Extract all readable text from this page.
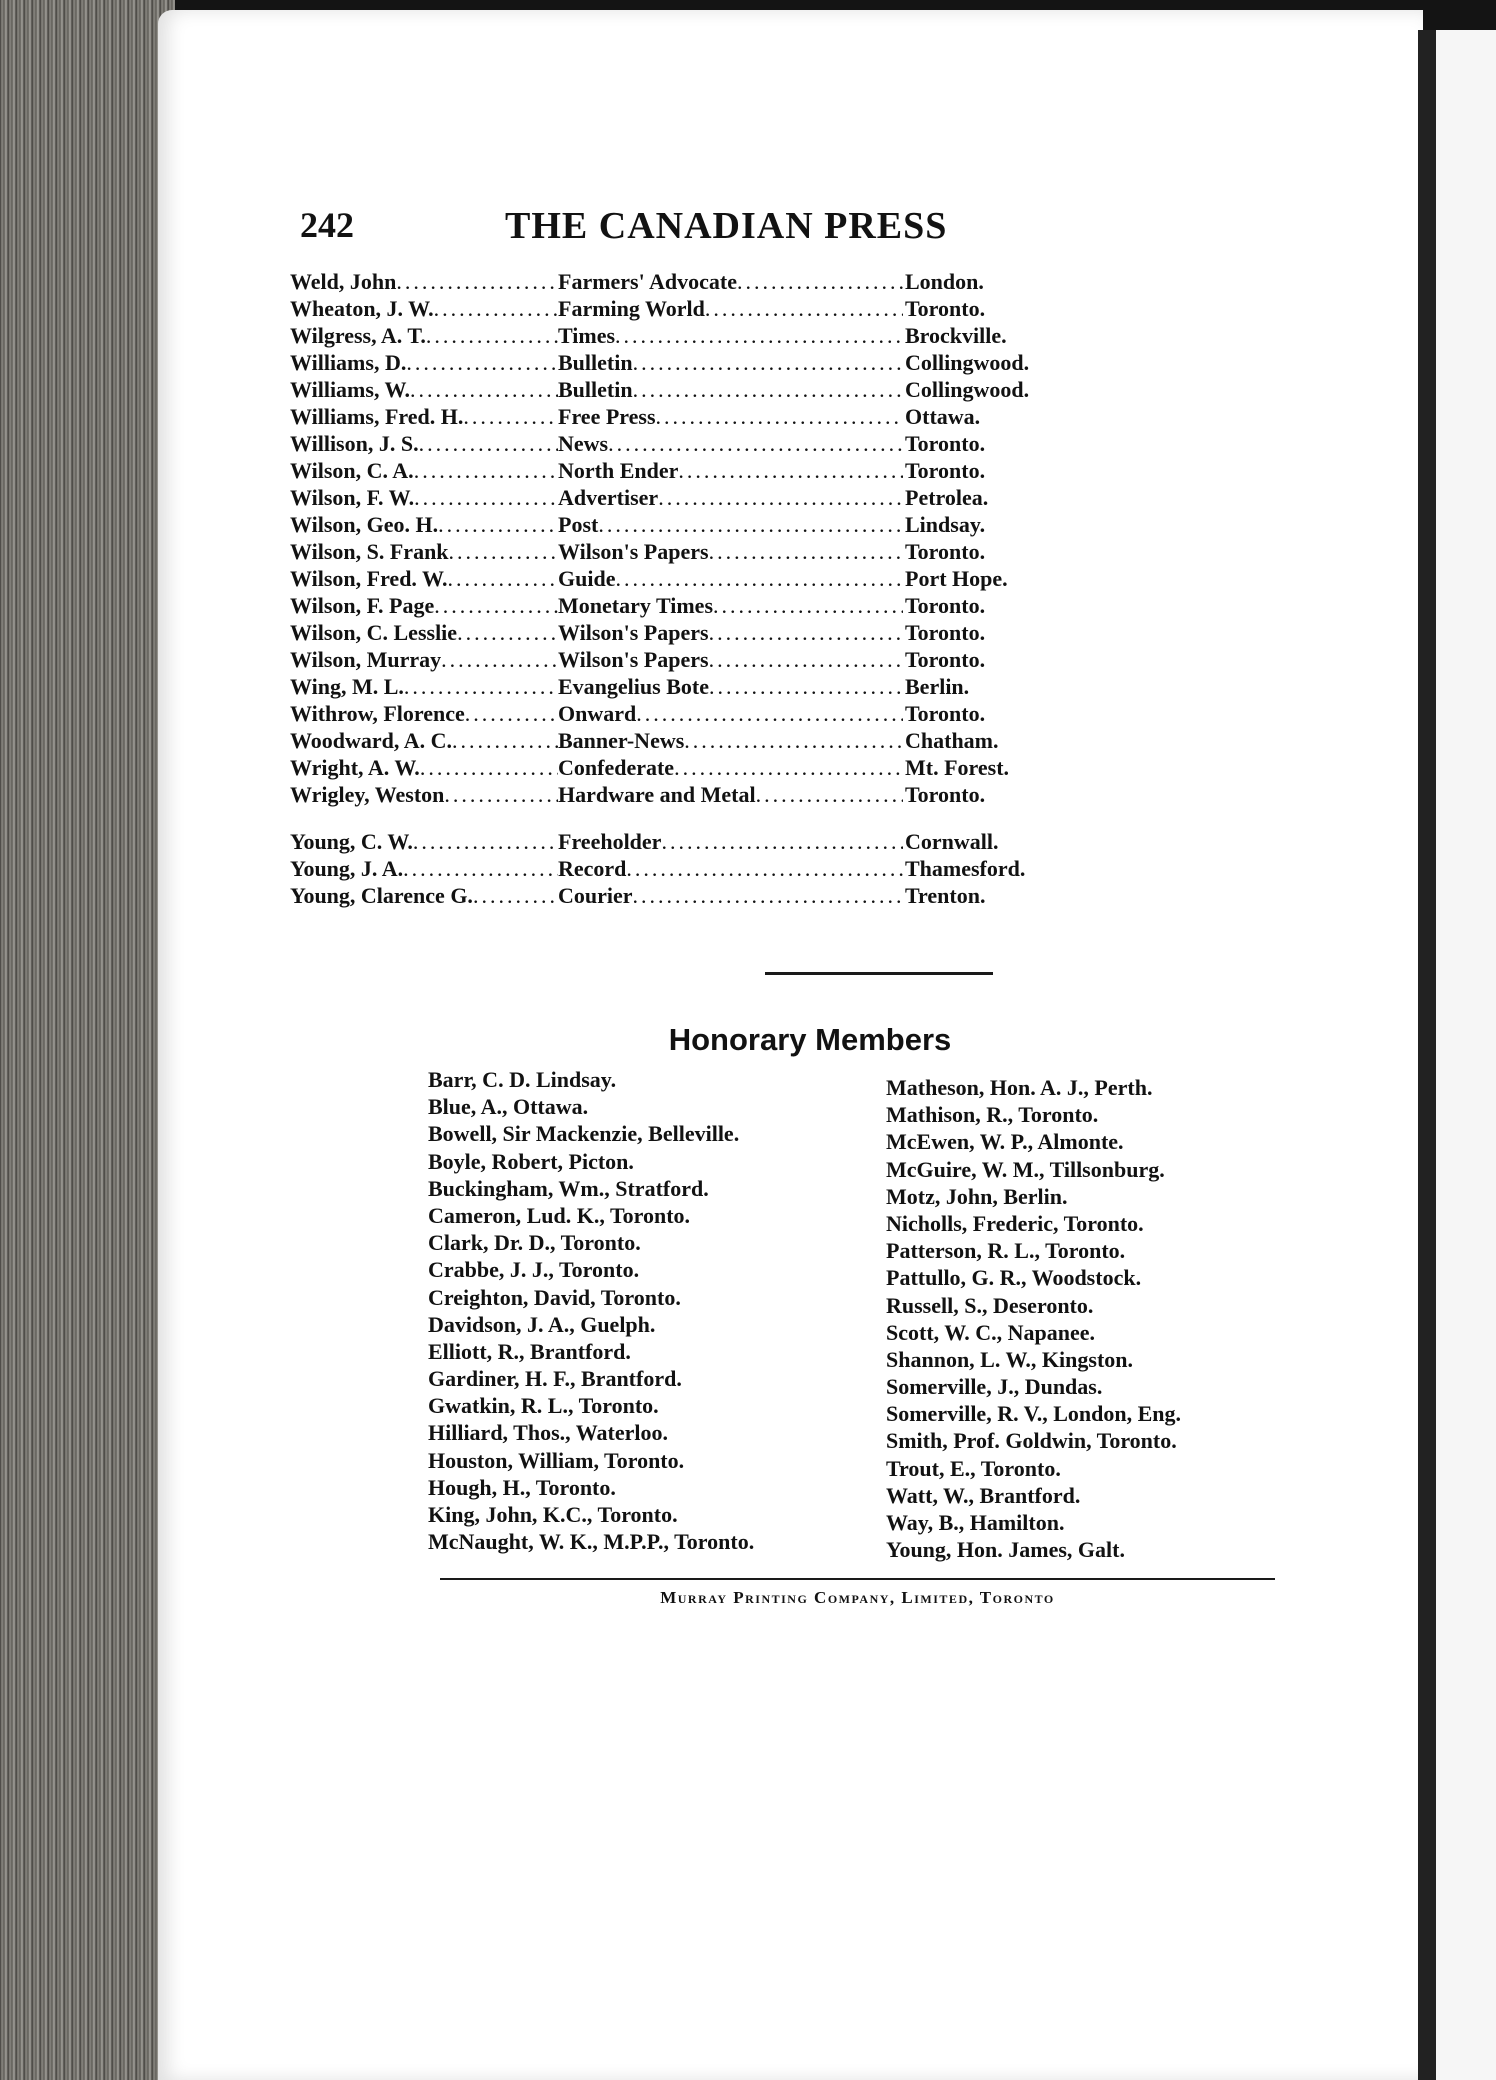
242	THE CANADIAN PRESS
Weld, John .....	Farmers' Advocate .....	London.
Wheaton, J. W. .....	Farming World .....	Toronto.
Wilgress, A. T. .....	Times .....	Brockville.
Williams, D. .....	Bulletin .....	Collingwood.
Williams, W. .....	Bulletin .....	Collingwood.
Williams, Fred. H. .....	Free Press .....	Ottawa.
Willison, J. S. .....	News .....	Toronto.
Wilson, C. A. .....	North Ender .....	Toronto.
Wilson, F. W. .....	Advertiser .....	Petrolea.
Wilson, Geo. H. .....	Post .....	Lindsay.
Wilson, S. Frank .....	Wilson's Papers .....	Toronto.
Wilson, Fred. W. .....	Guide .....	Port Hope.
Wilson, F. Page .....	Monetary Times .....	Toronto.
Wilson, C. Lesslie .....	Wilson's Papers .....	Toronto.
Wilson, Murray .....	Wilson's Papers .....	Toronto.
Wing, M. L. .....	Evangelius Bote .....	Berlin.
Withrow, Florence .....	Onward .....	Toronto.
Woodward, A. C. .....	Banner-News .....	Chatham.
Wright, A. W. .....	Confederate .....	Mt. Forest.
Wrigley, Weston .....	Hardware and Metal .....	Toronto.
Young, C. W. .....	Freeholder .....	Cornwall.
Young, J. A. .....	Record .....	Thamesford.
Young, Clarence G. .....	Courier .....	Trenton.
Honorary Members
Barr, C. D. Lindsay.
Blue, A., Ottawa.
Bowell, Sir Mackenzie, Belleville.
Boyle, Robert, Picton.
Buckingham, Wm., Stratford.
Cameron, Lud. K., Toronto.
Clark, Dr. D., Toronto.
Crabbe, J. J., Toronto.
Creighton, David, Toronto.
Davidson, J. A., Guelph.
Elliott, R., Brantford.
Gardiner, H. F., Brantford.
Gwatkin, R. L., Toronto.
Hilliard, Thos., Waterloo.
Houston, William, Toronto.
Hough, H., Toronto.
King, John, K.C., Toronto.
McNaught, W. K., M.P.P., Toronto.
Matheson, Hon. A. J., Perth.
Mathison, R., Toronto.
McEwen, W. P., Almonte.
McGuire, W. M., Tillsonburg.
Motz, John, Berlin.
Nicholls, Frederic, Toronto.
Patterson, R. L., Toronto.
Pattullo, G. R., Woodstock.
Russell, S., Deseronto.
Scott, W. C., Napanee.
Shannon, L. W., Kingston.
Somerville, J., Dundas.
Somerville, R. V., London, Eng.
Smith, Prof. Goldwin, Toronto.
Trout, E., Toronto.
Watt, W., Brantford.
Way, B., Hamilton.
Young, Hon. James, Galt.
Murray Printing Company, Limited, Toronto
